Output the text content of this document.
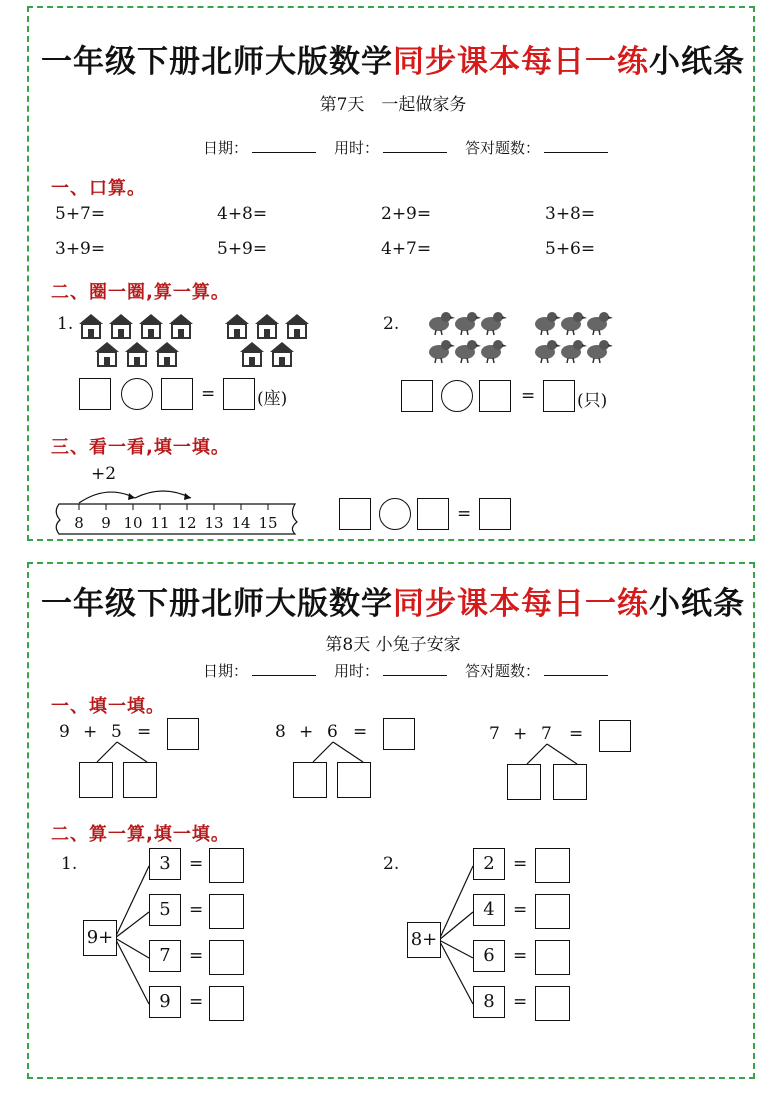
一年级下册北师大版数学同步课本每日一练小纸条
第7天　一起做家务
日期：	用时：	答对题数：
一、口算。
5+7=	4+8=	2+9=	3+8=
3+9=	5+9=	4+7=	5+6=
二、圈一圈,算一算。
1.
= (座)
2.
= (只)
三、看一看,填一填。
+2
8 9 10 11 12 13 14 15	=
一年级下册北师大版数学同步课本每日一练小纸条
第8天 小兔子安家
日期：	用时：	答对题数：
一、填一填。
9 + 5 =	8 + 6 =	7 + 7 =
二、算一算,填一填。
1.
9+
3	=
5	=
7	=
9	=
2.
8+
2	=
4	=
6	=
8	=
